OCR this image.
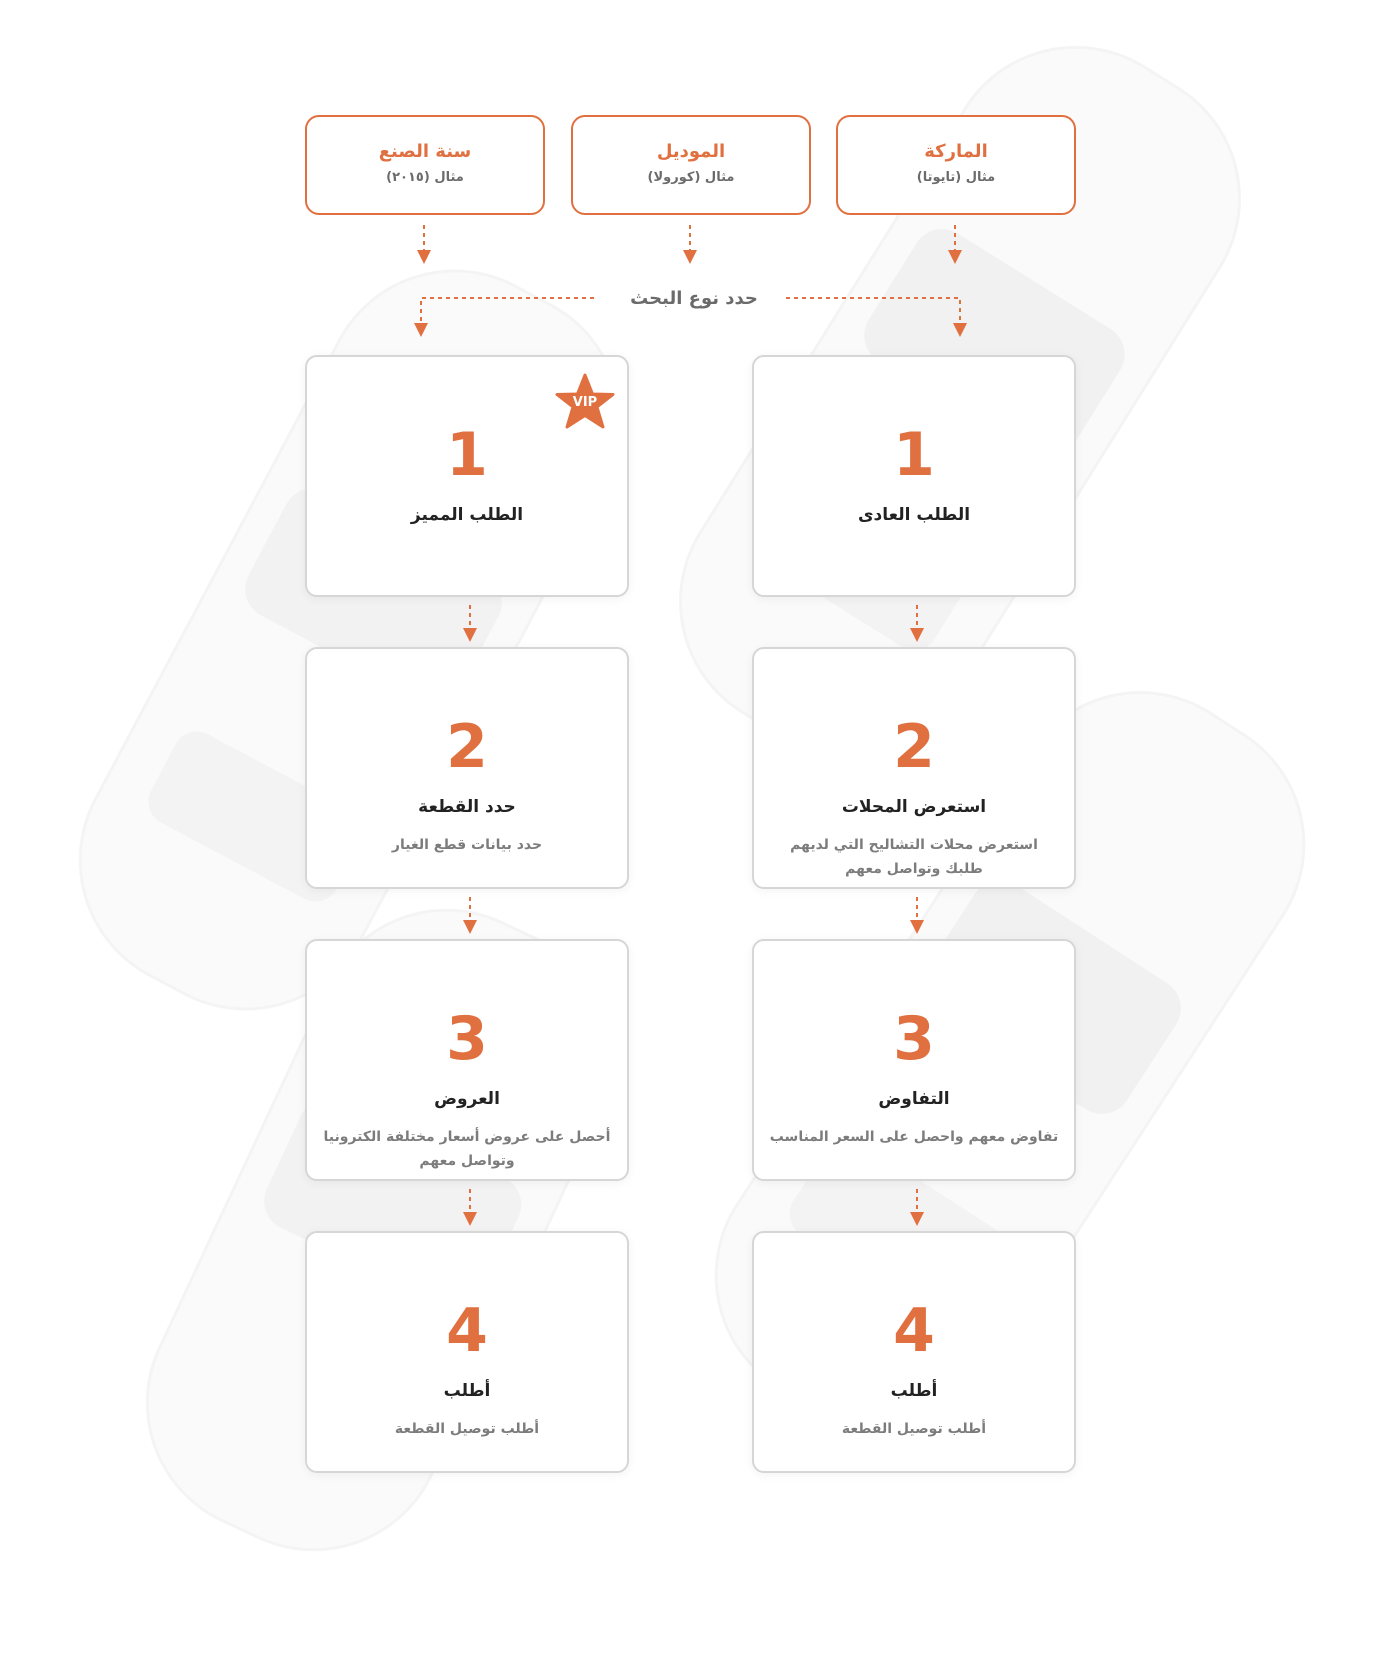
الماركة
مثال (تايوتا)
الموديل
مثال (كورولا)
سنة الصنع
مثال (٢٠١٥)
حدد نوع البحث
1
الطلب العادى
2
استعرض المحلات
استعرض محلات التشاليح التي لديهم طلبك وتواصل معهم
3
التفاوض
تفاوض معهم واحصل على السعر المناسب
4
أطلب
أطلب توصيل القطعة
1
الطلب المميز
2
حدد القطعة
حدد بيانات قطع الغيار
3
العروض
أحصل على عروض أسعار مختلفة الكترونيا وتواصل معهم
4
أطلب
أطلب توصيل القطعة
VIP
